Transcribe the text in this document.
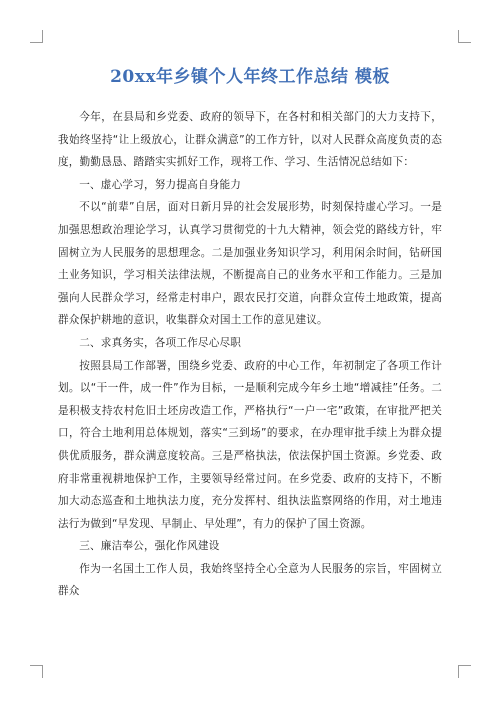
20xx年乡镇个人年终工作总结 模板

今年，在县局和乡党委、政府的领导下，在各村和相关部门的大力支持下，我始终坚持“让上级放心，让群众满意”的工作方针，以对人民群众高度负责的态度，勤勤恳恳、踏踏实实抓好工作，现将工作、学习、生活情况总结如下：

一、虚心学习，努力提高自身能力

不以“前辈”自居，面对日新月异的社会发展形势，时刻保持虚心学习。一是加强思想政治理论学习，认真学习贯彻党的十九大精神，领会党的路线方针，牢固树立为人民服务的思想理念。二是加强业务知识学习，利用闲余时间，钻研国土业务知识，学习相关法律法规，不断提高自己的业务水平和工作能力。三是加强向人民群众学习，经常走村串户，跟农民打交道，向群众宣传土地政策，提高群众保护耕地的意识，收集群众对国土工作的意见建议。

二、求真务实，各项工作尽心尽职

按照县局工作部署，围绕乡党委、政府的中心工作，年初制定了各项工作计划。以“干一件，成一件”作为目标，一是顺利完成今年乡土地“增减挂”任务。二是积极支持农村危旧土坯房改造工作，严格执行“一户一宅”政策，在审批严把关口，符合土地利用总体规划，落实“三到场”的要求，在办理审批手续上为群众提供优质服务，群众满意度较高。三是严格执法，依法保护国土资源。乡党委、政府非常重视耕地保护工作，主要领导经常过问。在乡党委、政府的支持下，不断加大动态巡查和土地执法力度，充分发挥村、组执法监察网络的作用，对土地违法行为做到“早发现、早制止、早处理”，有力的保护了国土资源。

三、廉洁奉公，强化作风建设

作为一名国土工作人员，我始终坚持全心全意为人民服务的宗旨，牢固树立群众
